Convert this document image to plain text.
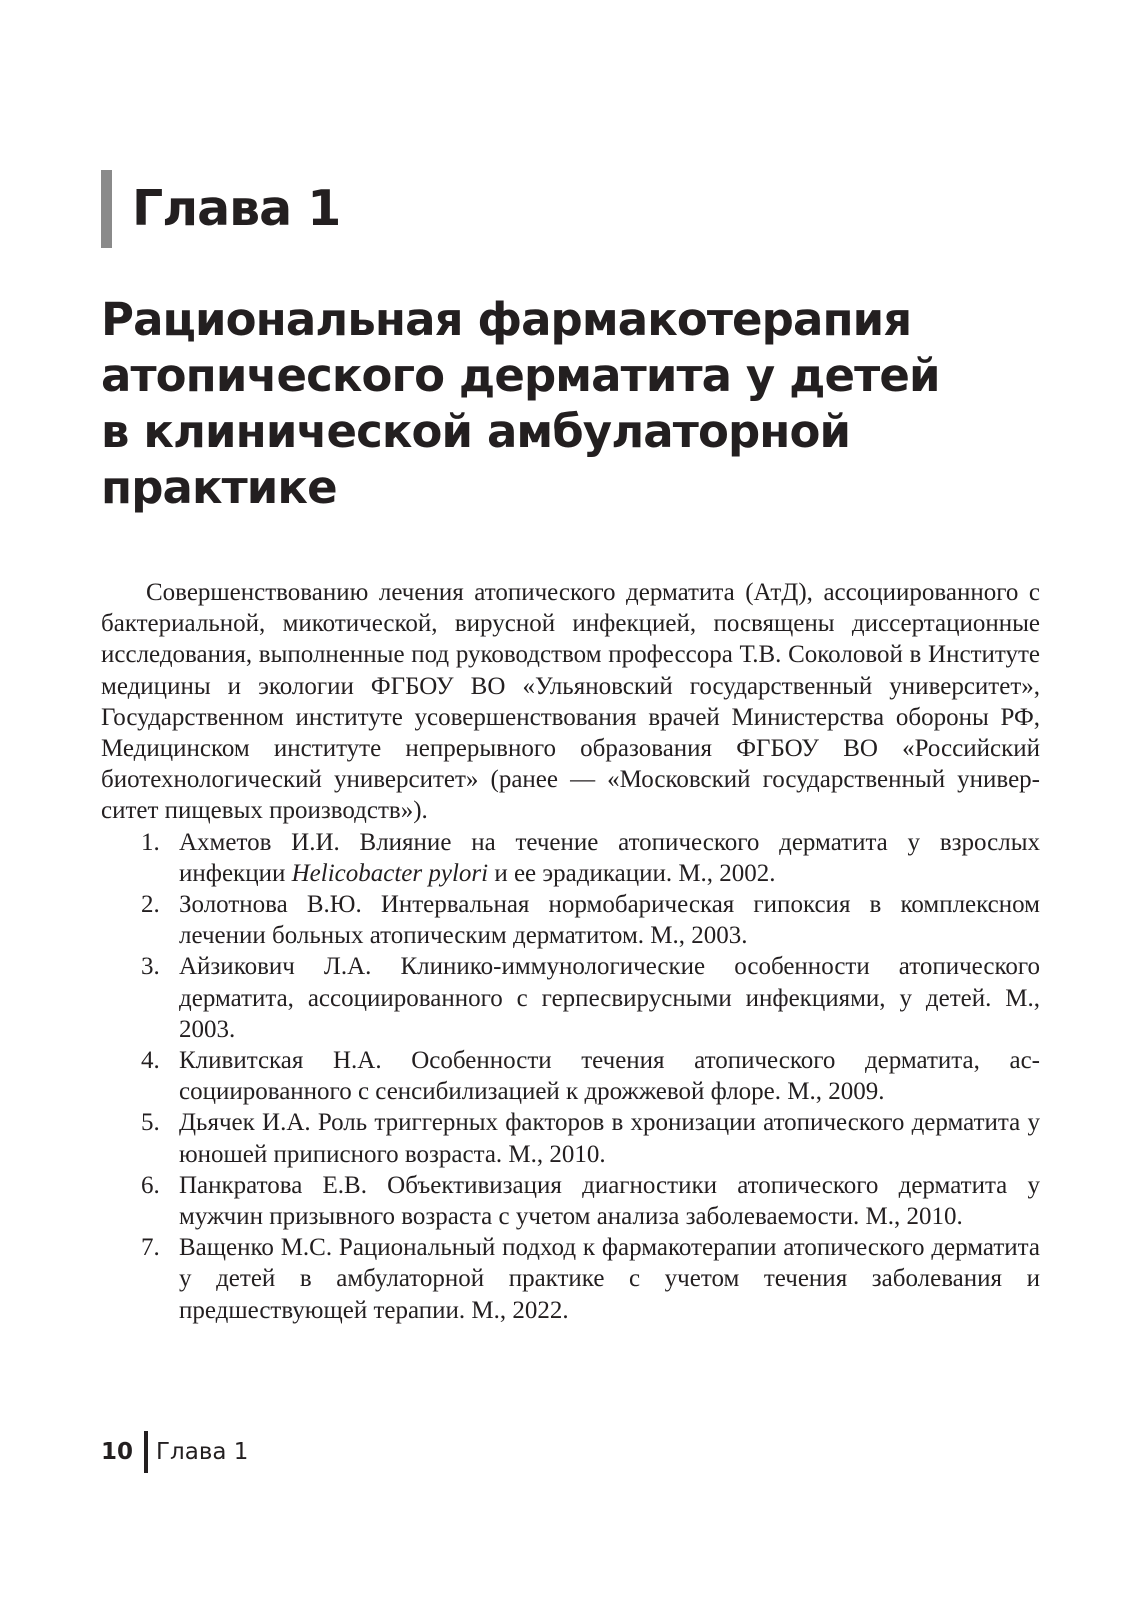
Глава 1
Рациональная фармакотерапия
атопического дерматита у детей
в клинической амбулаторной
практике

Совершенствованию лечения атопического дерматита (АтД), ассоциированного с бактериальной, микотической, вирусной инфекцией, посвящены диссертационные исследования, выполненные под руководством профессора Т.В. Соколовой в Институте медицины и экологии ФГБОУ ВО «Ульяновский государственный университет», Государственном институте усовершенствования врачей Министерства обороны РФ, Медицинском институте непрерывного образования ФГБОУ ВО «Российский биотехнологический университет» (ранее — «Московский государственный университет пищевых производств»).

1. Ахметов И.И. Влияние на течение атопического дерматита у взрослых инфекции Helicobacter pylori и ее эрадикации. М., 2002.
2. Золотнова В.Ю. Интервальная нормобарическая гипоксия в комплексном лечении больных атопическим дерматитом. М., 2003.
3. Айзикович Л.А. Клинико-иммунологические особенности атопического дерматита, ассоциированного с герпесвирусными инфекциями, у детей. М., 2003.
4. Кливитская Н.А. Особенности течения атопического дерматита, ассоциированного с сенсибилизацией к дрожжевой флоре. М., 2009.
5. Дьячек И.А. Роль триггерных факторов в хронизации атопического дерматита у юношей приписного возраста. М., 2010.
6. Панкратова Е.В. Объективизация диагностики атопического дерматита у мужчин призывного возраста с учетом анализа заболеваемости. М., 2010.
7. Ващенко М.С. Рациональный подход к фармакотерапии атопического дерматита у детей в амбулаторной практике с учетом течения заболевания и предшествующей терапии. М., 2022.
10 Глава 1
